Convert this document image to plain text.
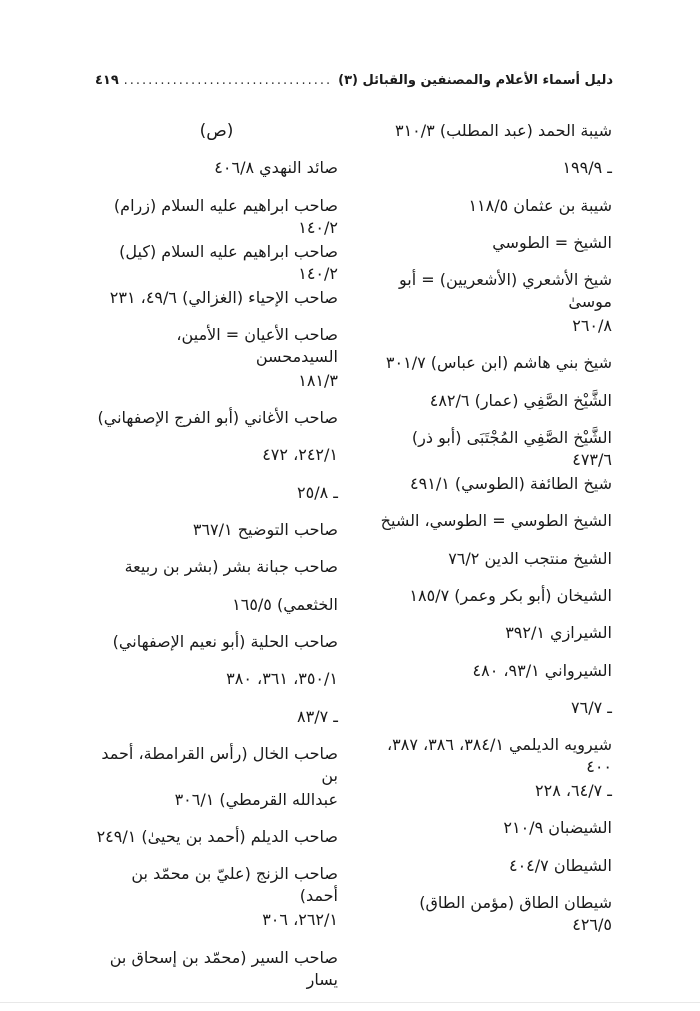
دليل أسماء الأعلام والمصنفين والقبائل (٣)
.....
٤١٩
شيبة الحمد (عبد المطلب) ٣١٠/٣
ـ ١٩٩/٩
شيبة بن عثمان ١١٨/٥
الشيخ = الطوسي
شيخ الأشعري (الأشعريين) = أبو موسىٰ
٢٦٠/٨
شيخ بني هاشم (ابن عباس) ٣٠١/٧
الشَّيْخ الصَّفِي (عمار) ٤٨٢/٦
الشَّيْخ الصَّفِي المُجْتَبَى (أبو ذر) ٤٧٣/٦
شيخ الطائفة (الطوسي) ٤٩١/١
الشيخ الطوسي = الطوسي، الشيخ
الشيخ منتجب الدين ٧٦/٢
الشيخان (أبو بكر وعمر) ١٨٥/٧
الشيرازي ٣٩٢/١
الشيرواني ٩٣/١، ٤٨٠
ـ ٧٦/٧
شيرويه الديلمي ٣٨٤/١، ٣٨٦، ٣٨٧، ٤٠٠
ـ ٦٤/٧، ٢٢٨
الشيضبان ٢١٠/٩
الشيطان ٤٠٤/٧
شيطان الطاق (مؤمن الطاق) ٤٢٦/٥
(ص)
صائد النهدي ٤٠٦/٨
صاحب ابراهيم عليه السلام (زرام) ١٤٠/٢
صاحب ابراهيم عليه السلام (كيل) ١٤٠/٢
صاحب الإحياء (الغزالي) ٤٩/٦، ٢٣١
صاحب الأعيان = الأمين، السيدمحسن
١٨١/٣
صاحب الأغاني (أبو الفرج الإصفهاني)
٢٤٢/١، ٤٧٢
ـ ٢٥/٨
صاحب التوضيح ٣٦٧/١
صاحب جبانة بشر (بشر بن ربيعة
الخثعمي) ١٦٥/٥
صاحب الحلية (أبو نعيم الإصفهاني)
٣٥٠/١، ٣٦١، ٣٨٠
ـ ٨٣/٧
صاحب الخال (رأس القرامطة، أحمد بن
عبدالله القرمطي) ٣٠٦/١
صاحب الديلم (أحمد بن يحيىٰ) ٢٤٩/١
صاحب الزنج (عليّ بن محمّد بن أحمد)
٢٦٢/١، ٣٠٦
صاحب السير (محمّد بن إسحاق بن يسار
